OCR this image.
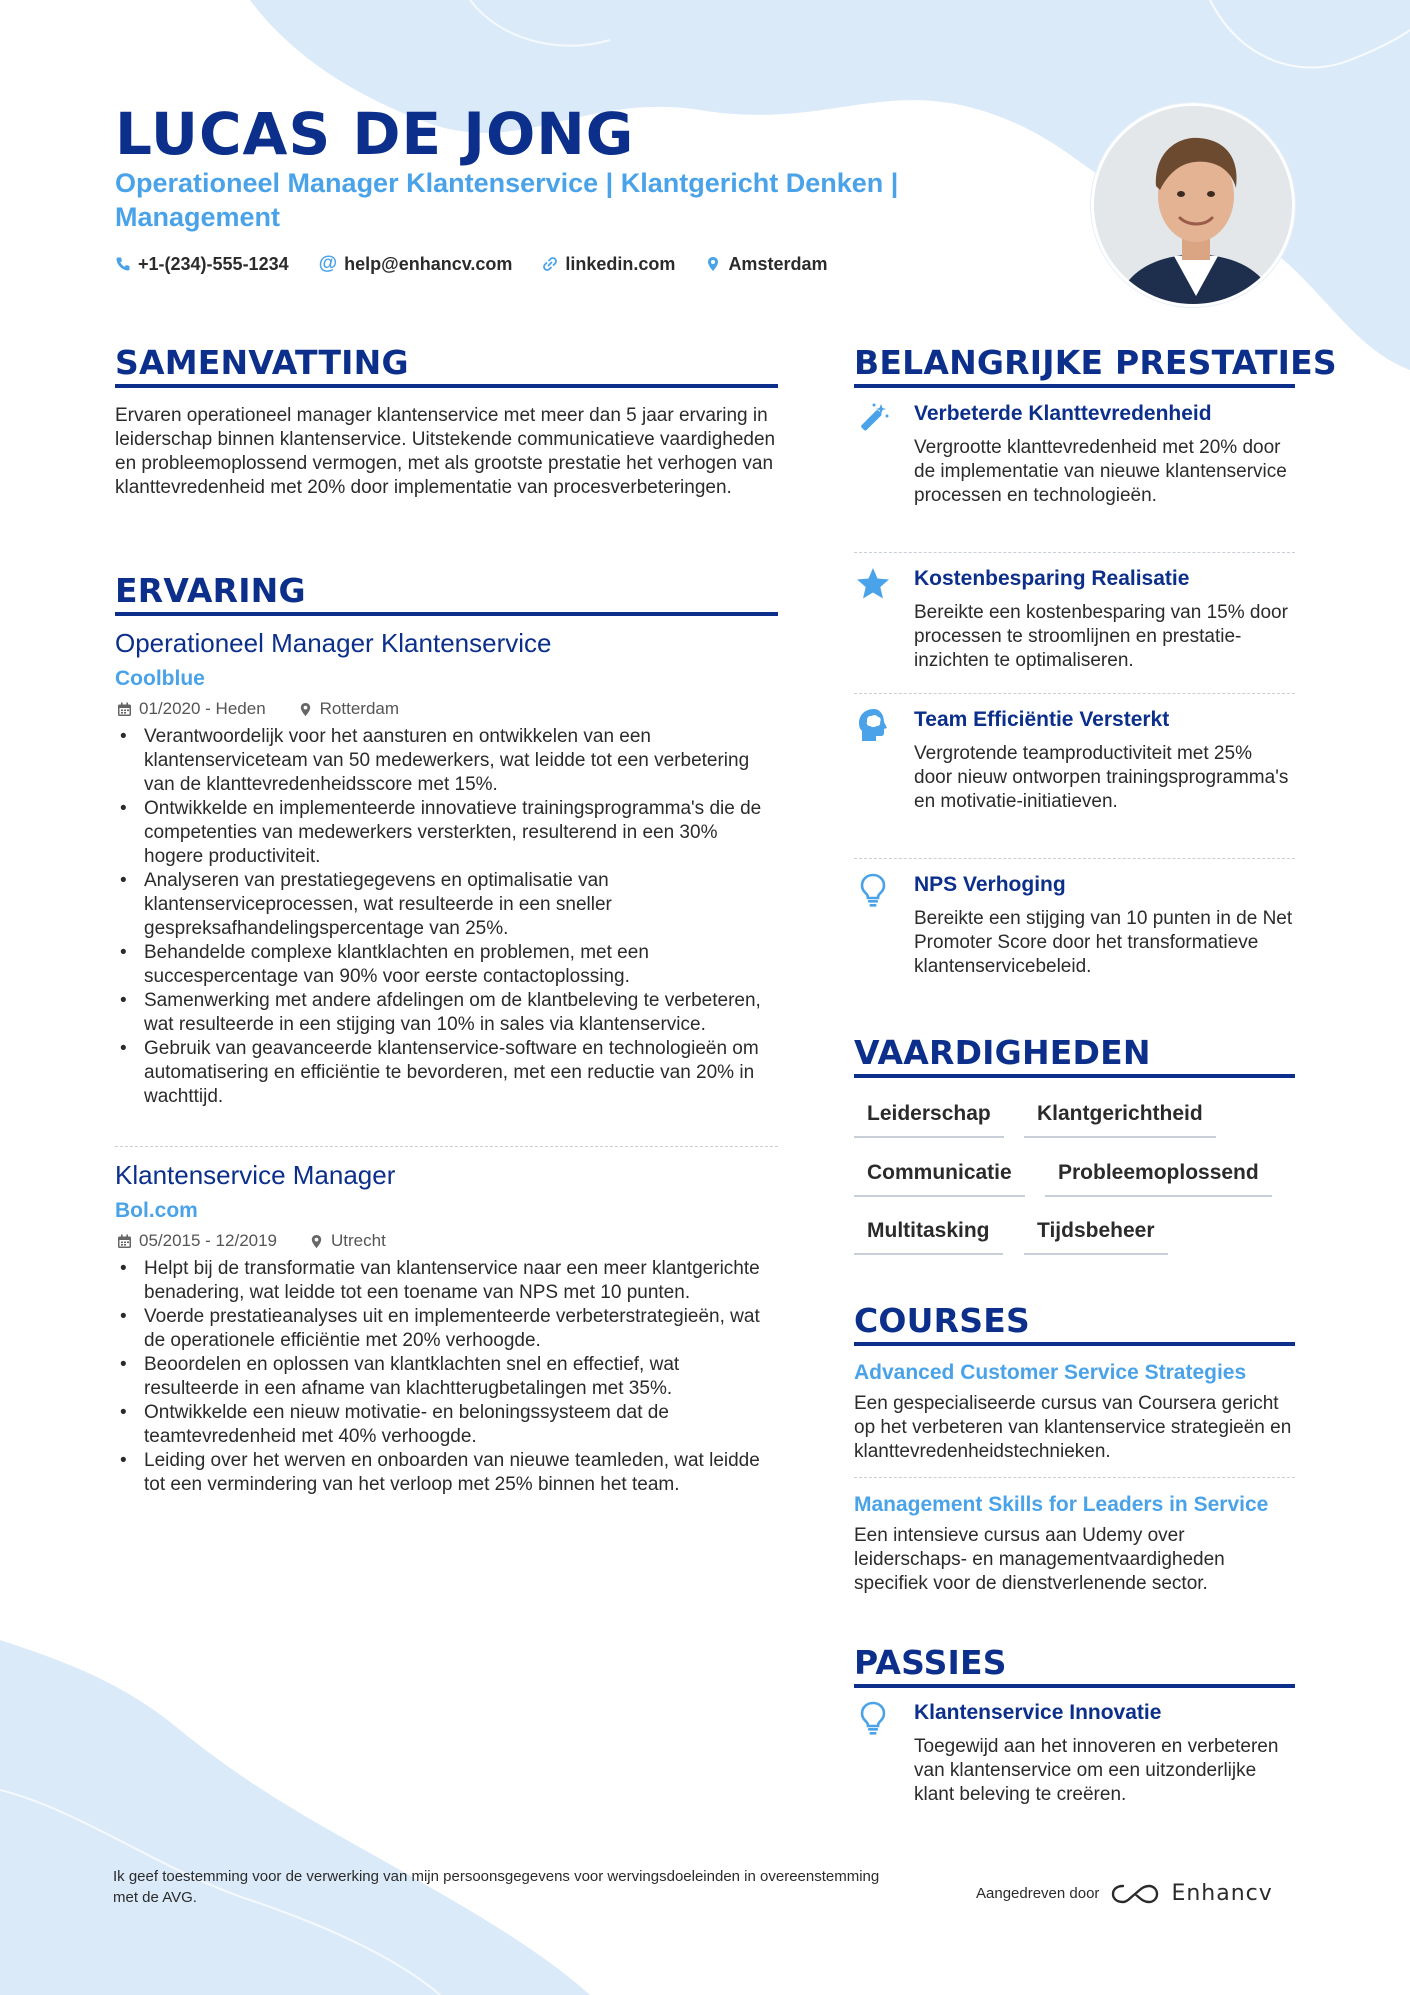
LUCAS DE JONG
Operationeel Manager Klantenservice | Klantgericht Denken | Management
+1-(234)-555-1234 @ help@enhancv.com	linkedin.com	Amsterdam
SAMENVATTING
Ervaren operationeel manager klantenservice met meer dan 5 jaar ervaring in leiderschap binnen klantenservice. Uitstekende communicatieve vaardigheden en probleemoplossend vermogen, met als grootste prestatie het verhogen van klanttevredenheid met 20% door implementatie van procesverbeteringen.
ERVARING
Operationeel Manager Klantenservice
Coolblue
01/2020 - Heden	Rotterdam
• Verantwoordelijk voor het aansturen en ontwikkelen van een klantenserviceteam van 50 medewerkers, wat leidde tot een verbetering van de klanttevredenheidsscore met 15%.
• Ontwikkelde en implementeerde innovatieve trainingsprogramma's die de competenties van medewerkers versterkten, resulterend in een 30% hogere productiviteit.
• Analyseren van prestatiegegevens en optimalisatie van klantenserviceprocessen, wat resulteerde in een sneller gespreksafhandelingspercentage van 25%.
• Behandelde complexe klantklachten en problemen, met een succespercentage van 90% voor eerste contactoplossing.
• Samenwerking met andere afdelingen om de klantbeleving te verbeteren, wat resulteerde in een stijging van 10% in sales via klantenservice.
• Gebruik van geavanceerde klantenservice-software en technologieën om automatisering en efficiëntie te bevorderen, met een reductie van 20% in wachttijd.
Klantenservice Manager
Bol.com
05/2015 - 12/2019	Utrecht
• Helpt bij de transformatie van klantenservice naar een meer klantgerichte benadering, wat leidde tot een toename van NPS met 10 punten.
• Voerde prestatieanalyses uit en implementeerde verbeterstrategieën, wat de operationele efficiëntie met 20% verhoogde.
• Beoordelen en oplossen van klantklachten snel en effectief, wat resulteerde in een afname van klachtterugbetalingen met 35%.
• Ontwikkelde een nieuw motivatie- en beloningssysteem dat de teamtevredenheid met 40% verhoogde.
• Leiding over het werven en onboarden van nieuwe teamleden, wat leidde tot een vermindering van het verloop met 25% binnen het team.
BELANGRIJKE PRESTATIES
Verbeterde Klanttevredenheid
Vergrootte klanttevredenheid met 20% door de implementatie van nieuwe klantenservice processen en technologieën.
Kostenbesparing Realisatie
Bereikte een kostenbesparing van 15% door processen te stroomlijnen en prestatie-inzichten te optimaliseren.
Team Efficiëntie Versterkt
Vergrotende teamproductiviteit met 25% door nieuw ontworpen trainingsprogramma's en motivatie-initiatieven.
NPS Verhoging
Bereikte een stijging van 10 punten in de Net Promoter Score door het transformatieve klantenservicebeleid.
VAARDIGHEDEN
Leiderschap	Klantgerichtheid
Communicatie	Probleemoplossend
Multitasking	Tijdsbeheer
COURSES
Advanced Customer Service Strategies
Een gespecialiseerde cursus van Coursera gericht op het verbeteren van klantenservice strategieën en klanttevredenheidstechnieken.
Management Skills for Leaders in Service
Een intensieve cursus aan Udemy over leiderschaps- en managementvaardigheden specifiek voor de dienstverlenende sector.
PASSIES
Klantenservice Innovatie
Toegewijd aan het innoveren en verbeteren van klantenservice om een uitzonderlijke klant beleving te creëren.
Ik geef toestemming voor de verwerking van mijn persoonsgegevens voor wervingsdoeleinden in overeenstemming met de AVG.	Aangedreven door	Enhancv
